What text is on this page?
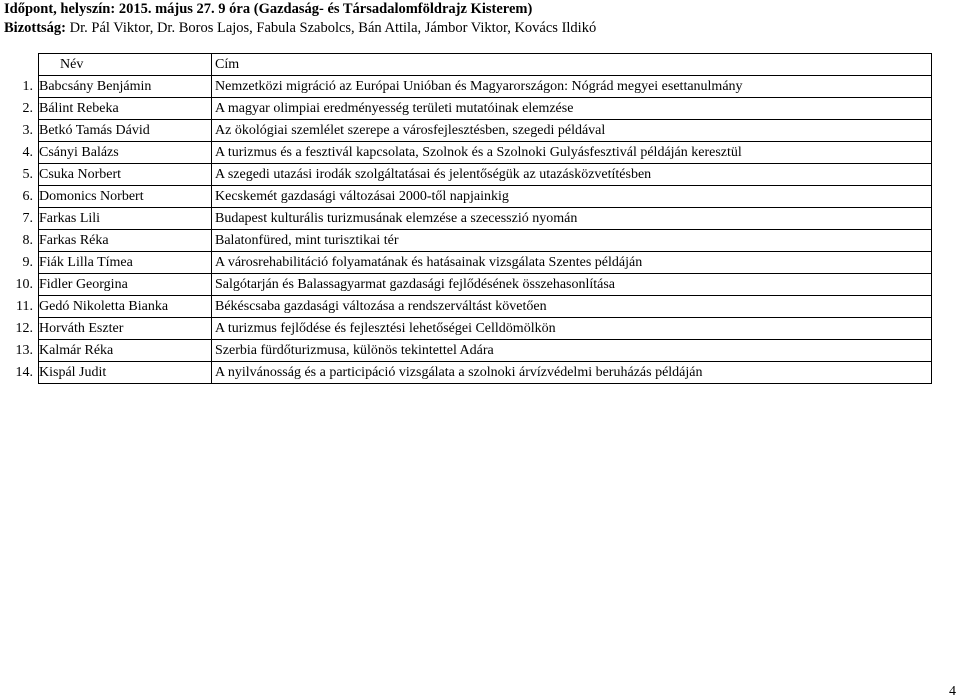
Időpont, helyszín: 2015. május 27. 9 óra (Gazdaság- és Társadalomföldrajz Kisterem)
Bizottság: Dr. Pál Viktor, Dr. Boros Lajos, Fabula Szabolcs, Bán Attila, Jámbor Viktor, Kovács Ildikó
Név	Cím
1. Babcsány Benjámin	Nemzetközi migráció az Európai Unióban és Magyarországon: Nógrád megyei esettanulmány
2. Bálint Rebeka	A magyar olimpiai eredményesség területi mutatóinak elemzése
3. Betkó Tamás Dávid	Az ökológiai szemlélet szerepe a városfejlesztésben, szegedi példával
4. Csányi Balázs	A turizmus és a fesztivál kapcsolata, Szolnok és a Szolnoki Gulyásfesztivál példáján keresztül
5. Csuka Norbert	A szegedi utazási irodák szolgáltatásai és jelentőségük az utazásközvetítésben
6. Domonics Norbert	Kecskemét gazdasági változásai 2000-től napjainkig
7. Farkas Lili	Budapest kulturális turizmusának elemzése a szecesszió nyomán
8. Farkas Réka	Balatonfüred, mint turisztikai tér
9. Fiák Lilla Tímea	A városrehabilitáció folyamatának és hatásainak vizsgálata Szentes példáján
10. Fidler Georgina	Salgótarján és Balassagyarmat gazdasági fejlődésének összehasonlítása
11. Gedó Nikoletta Bianka	Békéscsaba gazdasági változása a rendszerváltást követően
12. Horváth Eszter	A turizmus fejlődése és fejlesztési lehetőségei Celldömölkön
13. Kalmár Réka	Szerbia fürdőturizmusa, különös tekintettel Adára
14. Kispál Judit	A nyilvánosság és a participáció vizsgálata a szolnoki árvízvédelmi beruházás példáján
4
